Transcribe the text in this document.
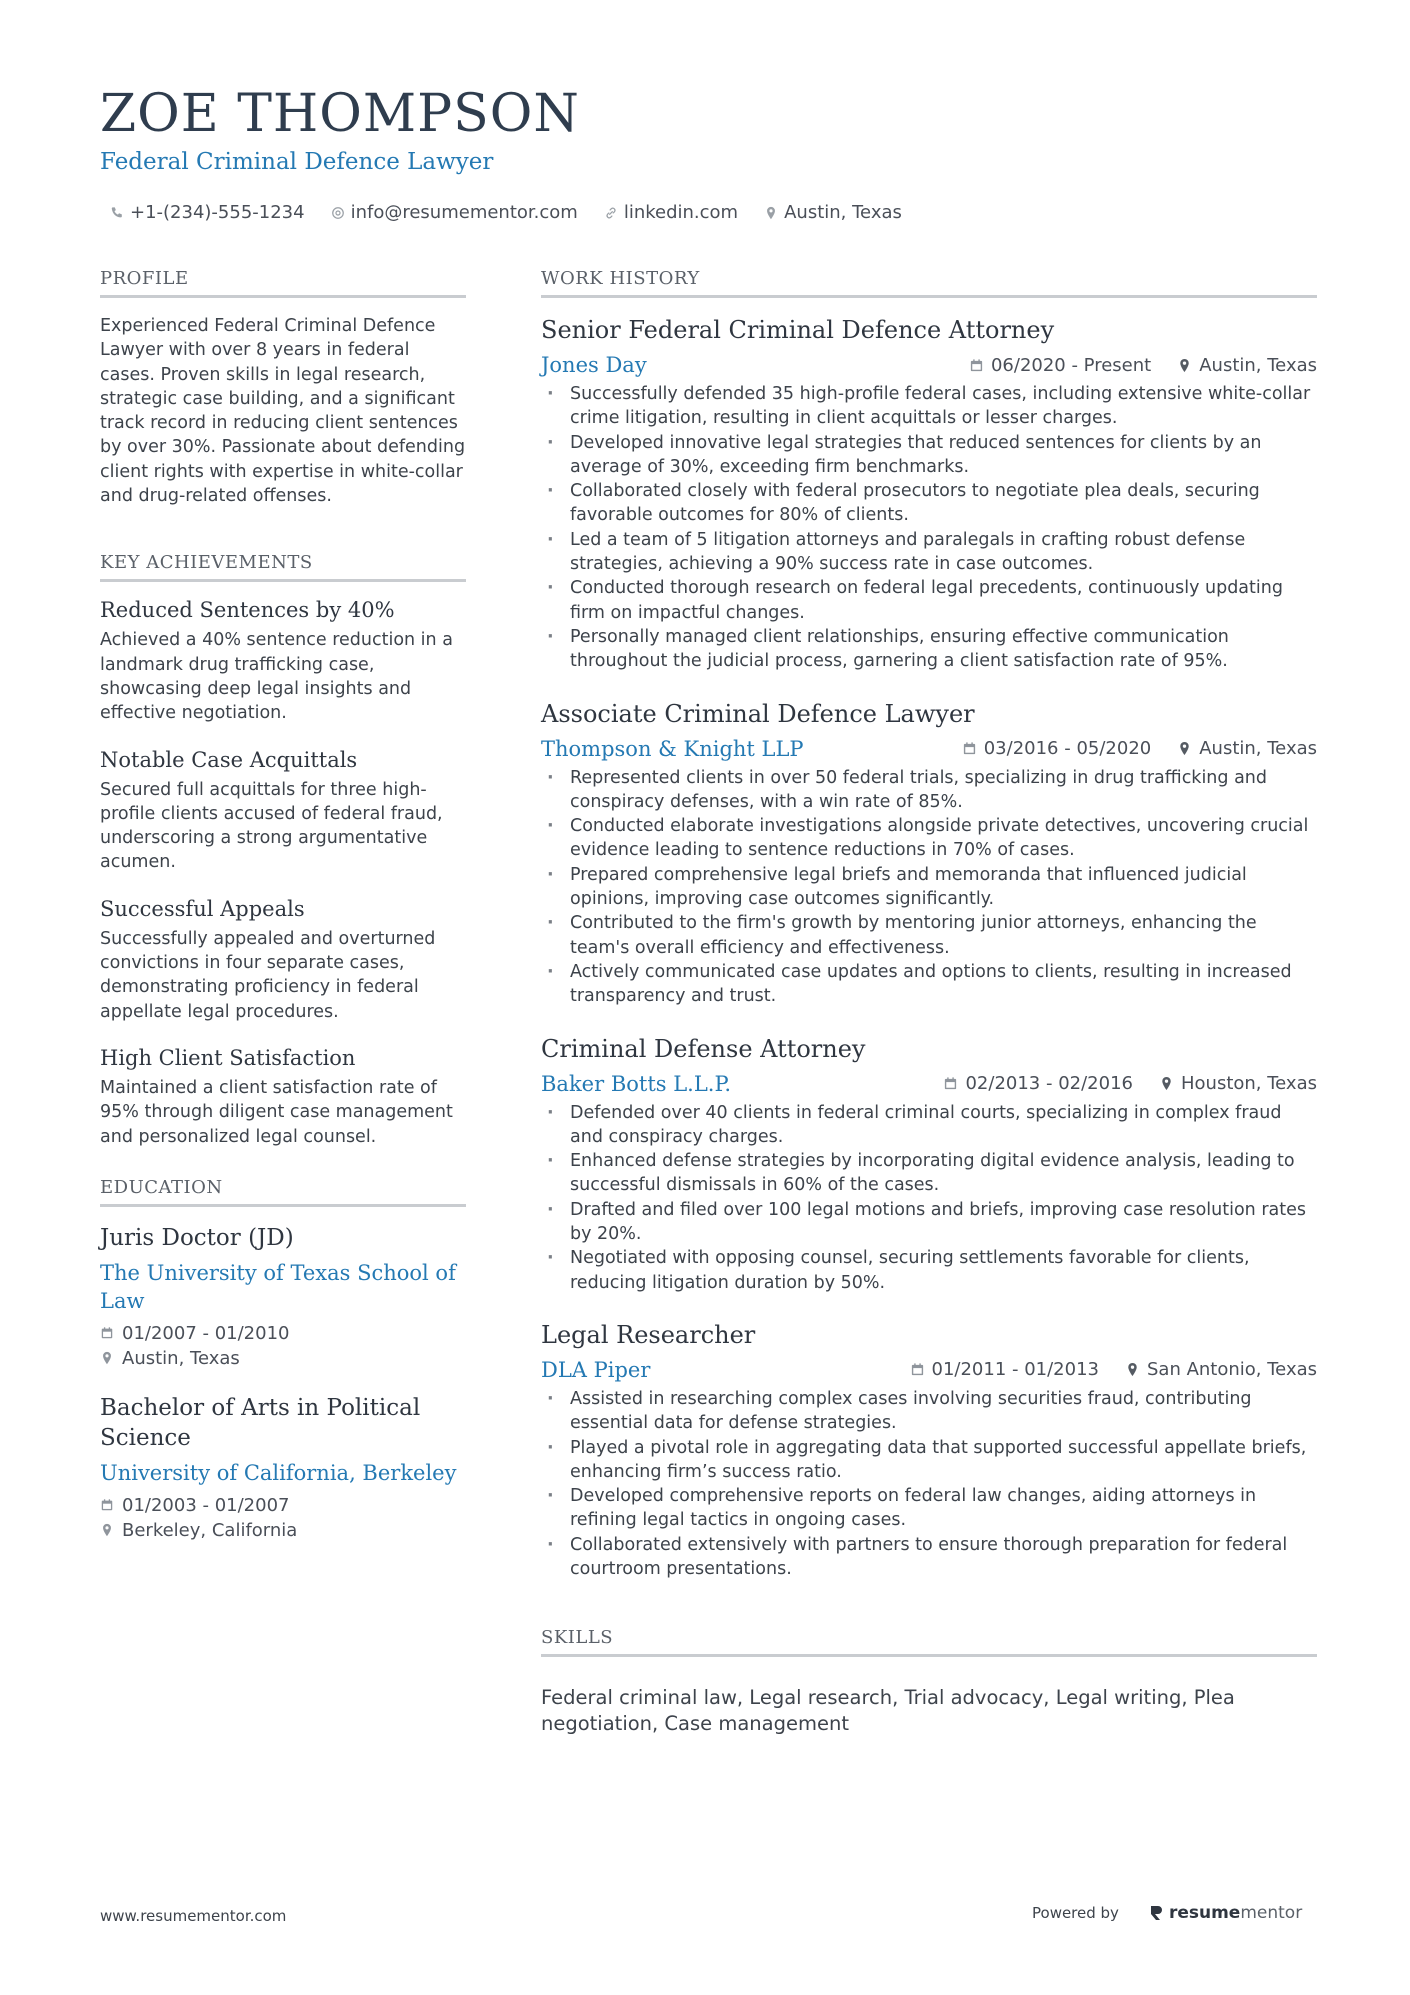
ZOE THOMPSON
Federal Criminal Defence Lawyer
+1-(234)-555-1234	info@resumementor.com	linkedin.com	Austin, Texas
PROFILE

Experienced Federal Criminal Defence Lawyer with over 8 years in federal cases. Proven skills in legal research, strategic case building, and a significant track record in reducing client sentences by over 30%. Passionate about defending client rights with expertise in white-collar and drug-related offenses.

KEY ACHIEVEMENTS
Reduced Sentences by 40%

Achieved a 40% sentence reduction in a landmark drug trafficking case, showcasing deep legal insights and effective negotiation.

Notable Case Acquittals

Secured full acquittals for three high-profile clients accused of federal fraud, underscoring a strong argumentative acumen.

Successful Appeals

Successfully appealed and overturned convictions in four separate cases, demonstrating proficiency in federal appellate legal procedures.

High Client Satisfaction

Maintained a client satisfaction rate of 95% through diligent case management and personalized legal counsel.

EDUCATION
Juris Doctor (JD)
The University of Texas School of Law
01/2007 - 01/2010
Austin, Texas
Bachelor of Arts in Political Science
University of California, Berkeley
01/2003 - 01/2007
Berkeley, California
WORK HISTORY
Senior Federal Criminal Defence Attorney
Jones Day	06/2020 - Present	Austin, Texas
· Successfully defended 35 high-profile federal cases, including extensive white-collar crime litigation, resulting in client acquittals or lesser charges.
· Developed innovative legal strategies that reduced sentences for clients by an average of 30%, exceeding firm benchmarks.
· Collaborated closely with federal prosecutors to negotiate plea deals, securing favorable outcomes for 80% of clients.
· Led a team of 5 litigation attorneys and paralegals in crafting robust defense strategies, achieving a 90% success rate in case outcomes.
· Conducted thorough research on federal legal precedents, continuously updating firm on impactful changes.
· Personally managed client relationships, ensuring effective communication throughout the judicial process, garnering a client satisfaction rate of 95%.
Associate Criminal Defence Lawyer
Thompson & Knight LLP	03/2016 - 05/2020	Austin, Texas
· Represented clients in over 50 federal trials, specializing in drug trafficking and conspiracy defenses, with a win rate of 85%.
· Conducted elaborate investigations alongside private detectives, uncovering crucial evidence leading to sentence reductions in 70% of cases.
· Prepared comprehensive legal briefs and memoranda that influenced judicial opinions, improving case outcomes significantly.
· Contributed to the firm's growth by mentoring junior attorneys, enhancing the team's overall efficiency and effectiveness.
· Actively communicated case updates and options to clients, resulting in increased transparency and trust.
Criminal Defense Attorney
Baker Botts L.L.P.	02/2013 - 02/2016	Houston, Texas
· Defended over 40 clients in federal criminal courts, specializing in complex fraud and conspiracy charges.
· Enhanced defense strategies by incorporating digital evidence analysis, leading to successful dismissals in 60% of the cases.
· Drafted and filed over 100 legal motions and briefs, improving case resolution rates by 20%.
· Negotiated with opposing counsel, securing settlements favorable for clients, reducing litigation duration by 50%.
Legal Researcher
DLA Piper	01/2011 - 01/2013	San Antonio, Texas
· Assisted in researching complex cases involving securities fraud, contributing essential data for defense strategies.
· Played a pivotal role in aggregating data that supported successful appellate briefs, enhancing firm’s success ratio.
· Developed comprehensive reports on federal law changes, aiding attorneys in refining legal tactics in ongoing cases.
· Collaborated extensively with partners to ensure thorough preparation for federal courtroom presentations.
SKILLS

Federal criminal law, Legal research, Trial advocacy, Legal writing, Plea negotiation, Case management

www.resumementor.com	Powered by	resume mentor
